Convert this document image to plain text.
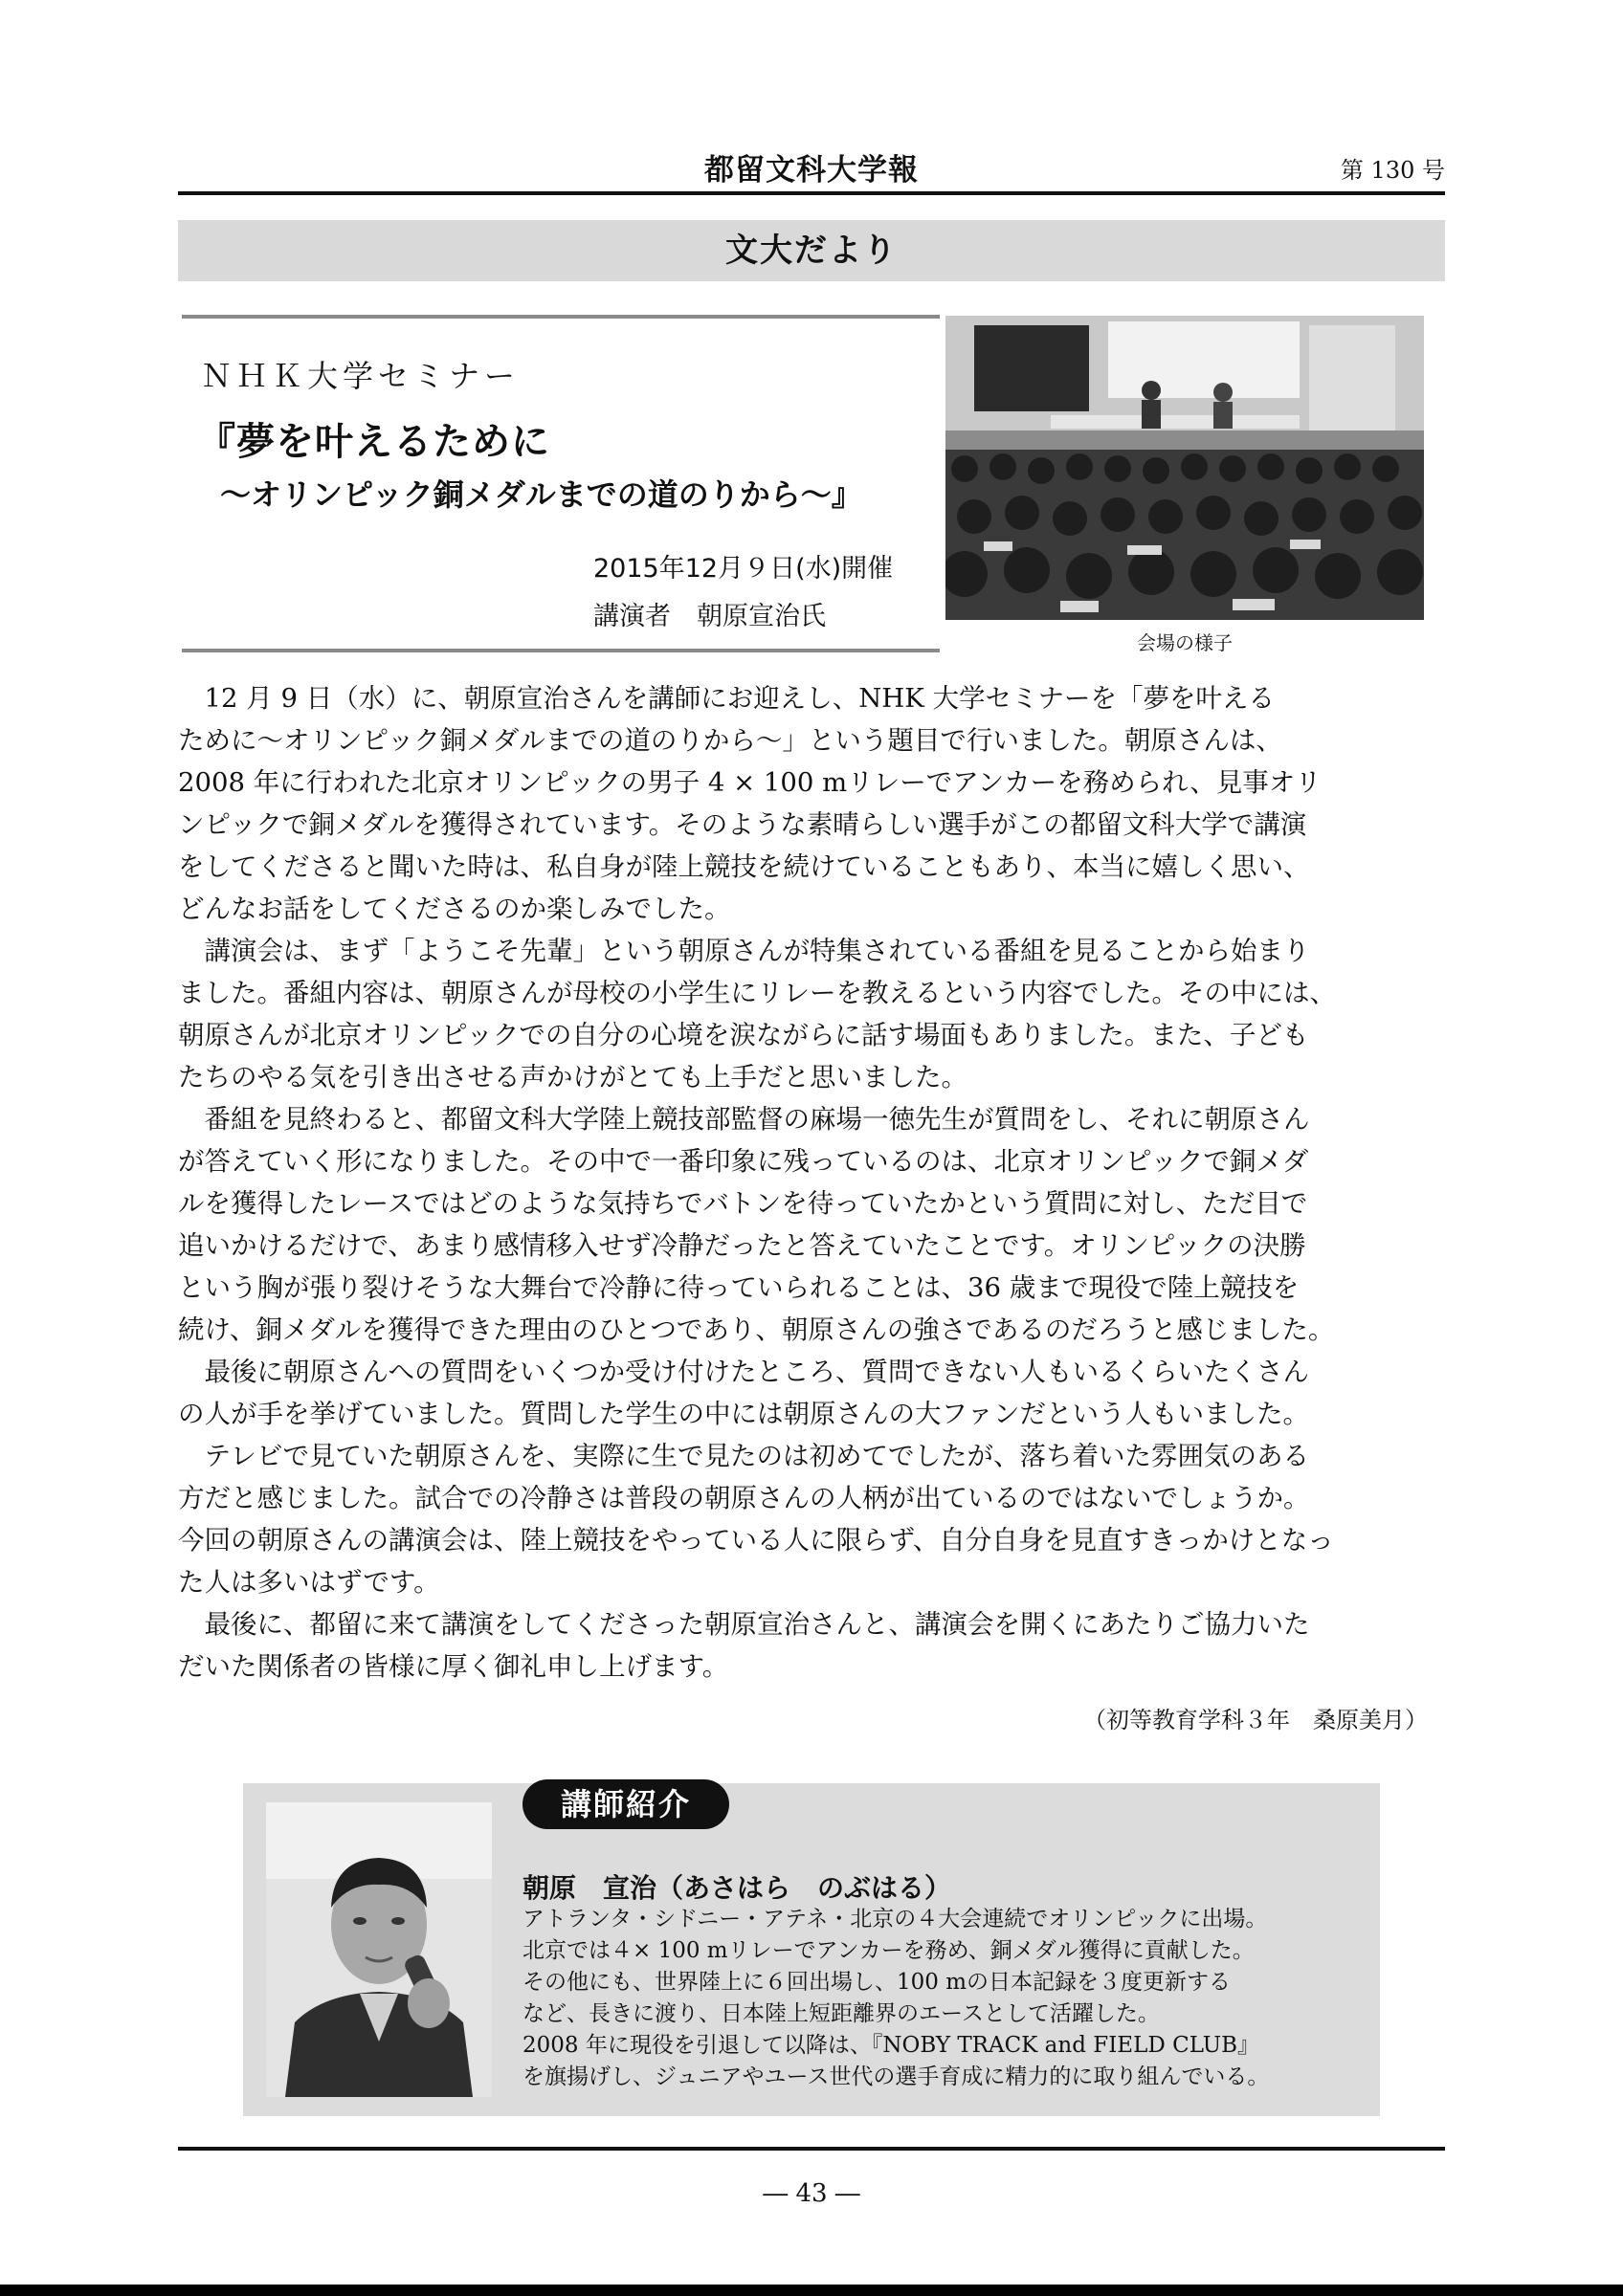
都留文科大学報	第 130 号
文大だより
ＮＨＫ大学セミナー
『夢を叶えるために
～オリンピック銅メダルまでの道のりから～』
2015年12月９日(水)開催
講演者　朝原宣治氏
会場の様子

12 月 9 日（水）に、朝原宣治さんを講師にお迎えし、NHK 大学セミナーを「夢を叶える
ために～オリンピック銅メダルまでの道のりから～」という題目で行いました。朝原さんは、
2008 年に行われた北京オリンピックの男子 4 × 100 mリレーでアンカーを務められ、見事オリ
ンピックで銅メダルを獲得されています。そのような素晴らしい選手がこの都留文科大学で講演
をしてくださると聞いた時は、私自身が陸上競技を続けていることもあり、本当に嬉しく思い、
どんなお話をしてくださるのか楽しみでした。

講演会は、まず「ようこそ先輩」という朝原さんが特集されている番組を見ることから始まり
ました。番組内容は、朝原さんが母校の小学生にリレーを教えるという内容でした。その中には、
朝原さんが北京オリンピックでの自分の心境を涙ながらに話す場面もありました。また、子ども
たちのやる気を引き出させる声かけがとても上手だと思いました。

番組を見終わると、都留文科大学陸上競技部監督の麻場一徳先生が質問をし、それに朝原さん
が答えていく形になりました。その中で一番印象に残っているのは、北京オリンピックで銅メダ
ルを獲得したレースではどのような気持ちでバトンを待っていたかという質問に対し、ただ目で
追いかけるだけで、あまり感情移入せず冷静だったと答えていたことです。オリンピックの決勝
という胸が張り裂けそうな大舞台で冷静に待っていられることは、36 歳まで現役で陸上競技を
続け、銅メダルを獲得できた理由のひとつであり、朝原さんの強さであるのだろうと感じました。

最後に朝原さんへの質問をいくつか受け付けたところ、質問できない人もいるくらいたくさん
の人が手を挙げていました。質問した学生の中には朝原さんの大ファンだという人もいました。

テレビで見ていた朝原さんを、実際に生で見たのは初めてでしたが、落ち着いた雰囲気のある
方だと感じました。試合での冷静さは普段の朝原さんの人柄が出ているのではないでしょうか。
今回の朝原さんの講演会は、陸上競技をやっている人に限らず、自分自身を見直すきっかけとなっ
た人は多いはずです。

最後に、都留に来て講演をしてくださった朝原宣治さんと、講演会を開くにあたりご協力いた
だいた関係者の皆様に厚く御礼申し上げます。

（初等教育学科３年　桑原美月）
講師紹介
朝原　宣治（あさはら　のぶはる）
アトランタ・シドニー・アテネ・北京の４大会連続でオリンピックに出場。
北京では４× 100 mリレーでアンカーを務め、銅メダル獲得に貢献した。
その他にも、世界陸上に６回出場し、100 mの日本記録を３度更新する
など、長きに渡り、日本陸上短距離界のエースとして活躍した。
2008 年に現役を引退して以降は、『NOBY TRACK and FIELD CLUB』
を旗揚げし、ジュニアやユース世代の選手育成に精力的に取り組んでいる。
― 43 ―
